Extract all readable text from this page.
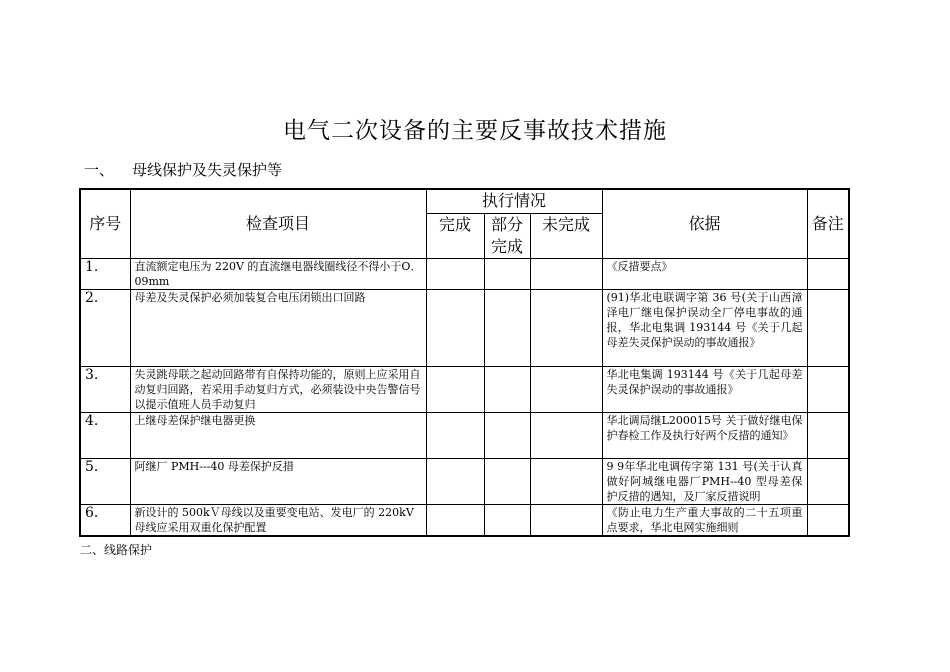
电气二次设备的主要反事故技术措施
一、 母线保护及失灵保护等
序号	检查项目	执行情况			依据	备注
		完成	部分完成	未完成		
1.	直流额定电压为 220V 的直流继电器线圈线径不得小于O．09mm				《反措要点》	
2.	母差及失灵保护必须加装复合电压闭锁出口回路				(91)华北电联调字第 36 号(关于山西漳泽电厂继电保护误动全厂停电事故的通报，华北电集调 193144 号《关于几起母差失灵保护误动的事故通报》	
3.	失灵跳母联之起动回路带有自保持功能的，原则上应采用自动复归回路，若采用手动复归方式，必须装设中央告警信号以提示值班人员手动复归				华北电集调 193144 号《关于几起母差失灵保护误动的事故通报》	
4.	上继母差保护继电器更换				华北调局继L200015号 关于做好继电保护春检工作及执行好两个反措的通知》	
5.	阿继厂 PMH---40 母差保护反措				9 9年华北电调传字第 131 号(关于认真做好阿城继电器厂PMH--40 型母差保护反措的遇知，及厂家反措说明	
6.	新设计的 500kＶ母线以及重要变电站、发电厂的 220kV 母线应采用双重化保护配置				《防止电力生产重大事故的二十五项重点要求，华北电网实施细则	
二、线路保护
